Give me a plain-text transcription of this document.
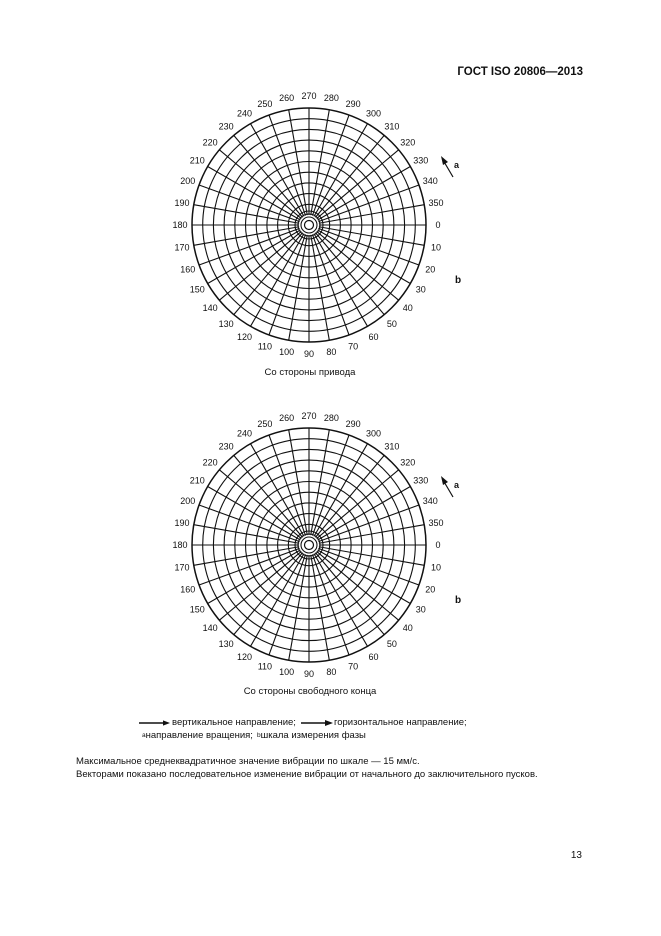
ГОСТ ISO 20806—2013
0
10
20
30
40
50
60
70
80
90
100
110
120
130
140
150
160
170
180
190
200
210
220
230
240
250
260 270 280
290
300
310
320
330
340
350
a
b
Со стороны привода
0
10
20
30
40
50
60
70
80
90
100
110
120
130
140
150
160
170
180
190
200
210
220
230
240
250
260 270 280
290
300
310
320
330
340
350
a
b
Со стороны свободного конца
вертикальное направление;	горизонтальное направление;
a направление вращения; b шкала измерения фазы
Максимальное среднеквадратичное значение вибрации по шкале — 15 мм/с.
Векторами показано последовательное изменение вибрации от начального до заключительного пусков.
13
